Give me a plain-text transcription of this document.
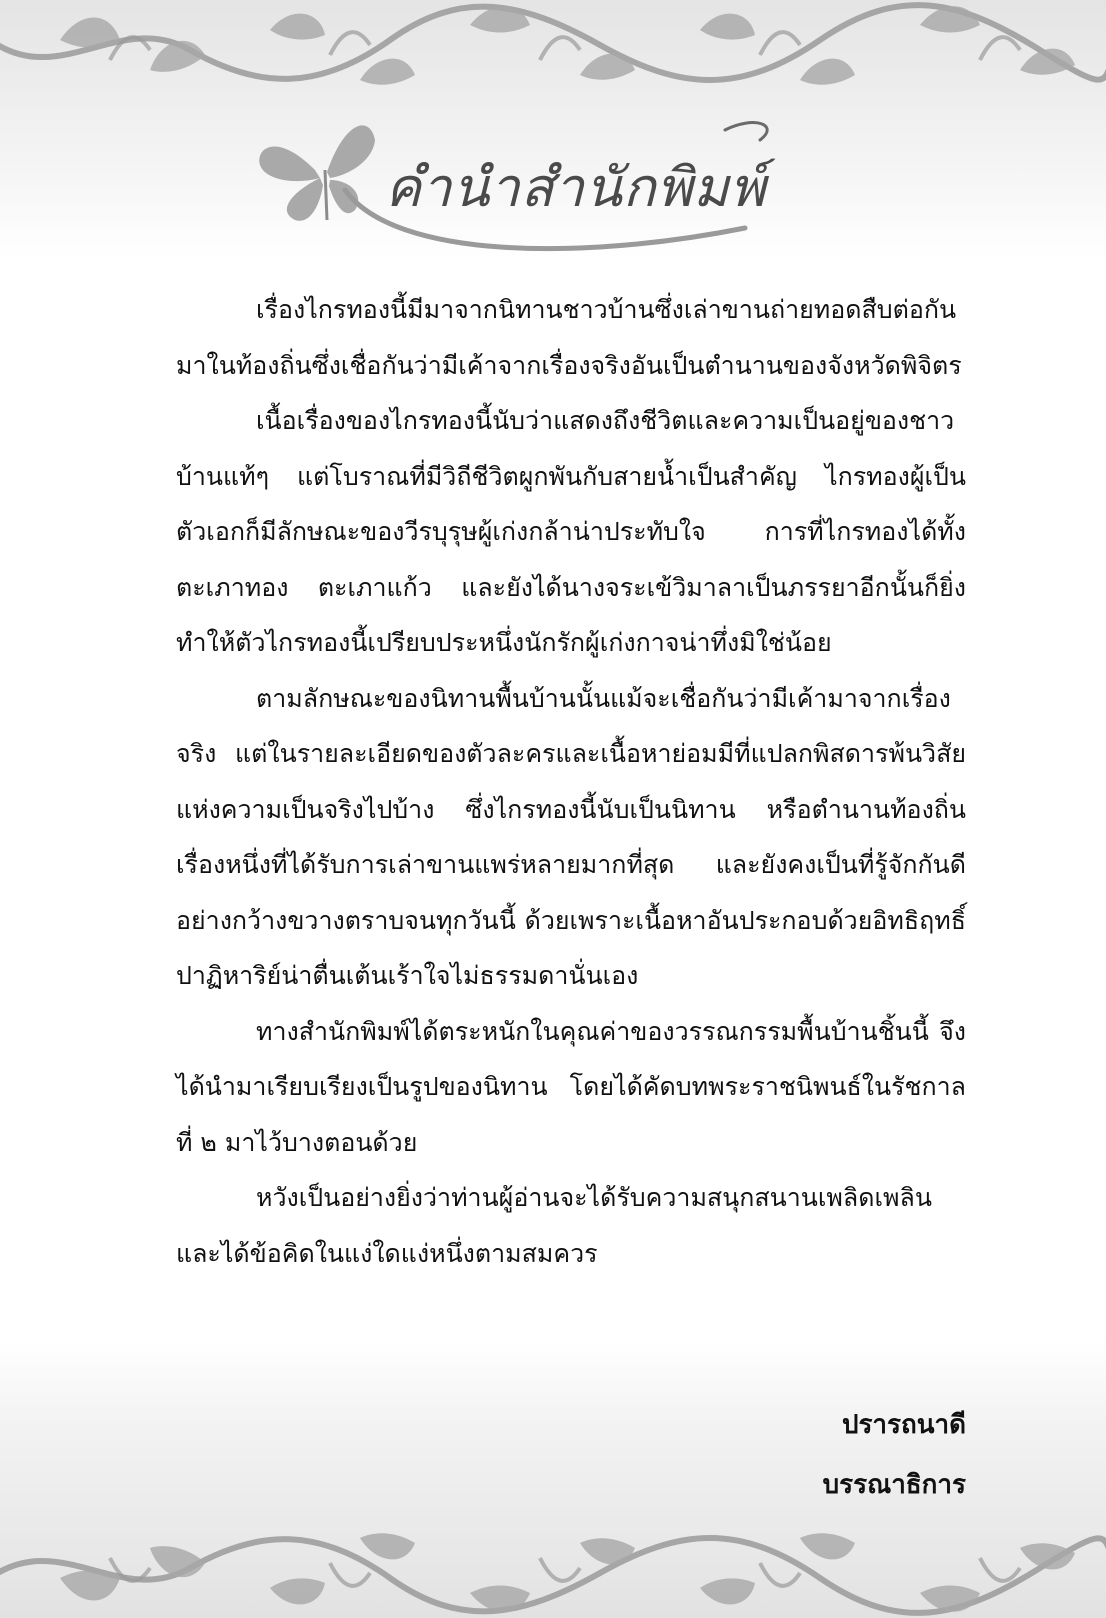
คำนำสำนักพิมพ์

เรื่องไกรทองนี้มีมาจากนิทานชาวบ้านซึ่งเล่าขานถ่ายทอดสืบต่อกันมาในท้องถิ่นซึ่งเชื่อกันว่ามีเค้าจากเรื่องจริงอันเป็นตำนานของจังหวัดพิจิตร

เนื้อเรื่องของไกรทองนี้นับว่าแสดงถึงชีวิตและความเป็นอยู่ของชาวบ้านแท้ๆ แต่โบราณที่มีวิถีชีวิตผูกพันกับสายน้ำเป็นสำคัญ ไกรทองผู้เป็นตัวเอกก็มีลักษณะของวีรบุรุษผู้เก่งกล้าน่าประทับใจ การที่ไกรทองได้ทั้งตะเภาทอง ตะเภาแก้ว และยังได้นางจระเข้วิมาลาเป็นภรรยาอีกนั้นก็ยิ่งทำให้ตัวไกรทองนี้เปรียบประหนึ่งนักรักผู้เก่งกาจน่าทึ่งมิใช่น้อย

ตามลักษณะของนิทานพื้นบ้านนั้นแม้จะเชื่อกันว่ามีเค้ามาจากเรื่องจริง แต่ในรายละเอียดของตัวละครและเนื้อหาย่อมมีที่แปลกพิสดารพ้นวิสัยแห่งความเป็นจริงไปบ้าง ซึ่งไกรทองนี้นับเป็นนิทาน หรือตำนานท้องถิ่นเรื่องหนึ่งที่ได้รับการเล่าขานแพร่หลายมากที่สุด และยังคงเป็นที่รู้จักกันดีอย่างกว้างขวางตราบจนทุกวันนี้ ด้วยเพราะเนื้อหาอันประกอบด้วยอิทธิฤทธิ์ปาฏิหาริย์น่าตื่นเต้นเร้าใจไม่ธรรมดานั่นเอง

ทางสำนักพิมพ์ได้ตระหนักในคุณค่าของวรรณกรรมพื้นบ้านชิ้นนี้ จึงได้นำมาเรียบเรียงเป็นรูปของนิทาน โดยได้คัดบทพระราชนิพนธ์ในรัชกาลที่ ๒ มาไว้บางตอนด้วย

หวังเป็นอย่างยิ่งว่าท่านผู้อ่านจะได้รับความสนุกสนานเพลิดเพลินและได้ข้อคิดในแง่ใดแง่หนึ่งตามสมควร

ปรารถนาดี
บรรณาธิการ
